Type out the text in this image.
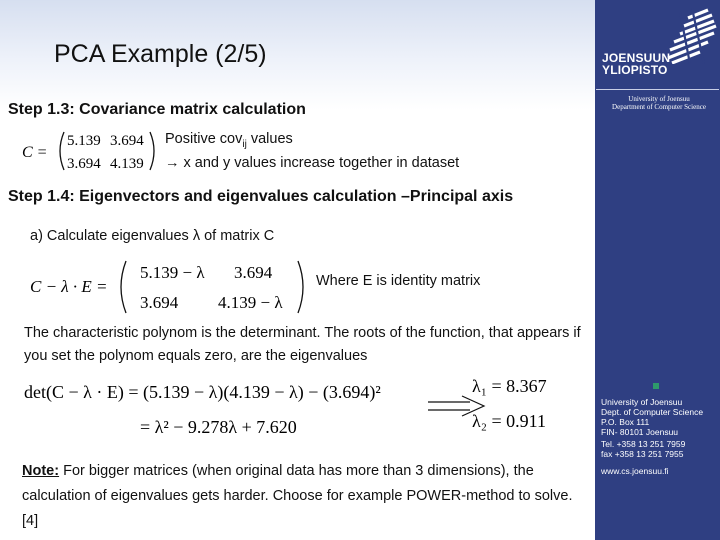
JOENSUUN
YLIOPISTO
University of Joensuu
Department of Computer Science
University of Joensuu
Dept. of Computer Science
P.O. Box 111
FIN- 80101 Joensuu
Tel. +358 13 251 7959
fax +358 13 251 7955
www.cs.joensuu.fi
PCA Example (2/5)
Step 1.3: Covariance matrix calculation
C =
5.139 3.694
3.694 4.139
Positive cov$_{ij}$ values
→ x and y values increase together in dataset
Step 1.4: Eigenvectors and eigenvalues calculation –Principal axis
a) Calculate eigenvalues λ of matrix C
C − λ · E =
5.139 − λ 3.694
3.694 4.139 − λ
Where E is identity matrix
The characteristic polynom is the determinant. The roots of the function, that appears if you set the polynom equals zero, are the eigenvalues
det(C − λ · E) = (5.139 − λ)(4.139 − λ) − (3.694)²
= λ² − 9.278λ + 7.620
λ₁ = 8.367
λ₂ = 0.911
Note: For bigger matrices (when original data has more than 3 dimensions), the calculation of eigenvalues gets harder. Choose for example POWER-method to solve. [4]
